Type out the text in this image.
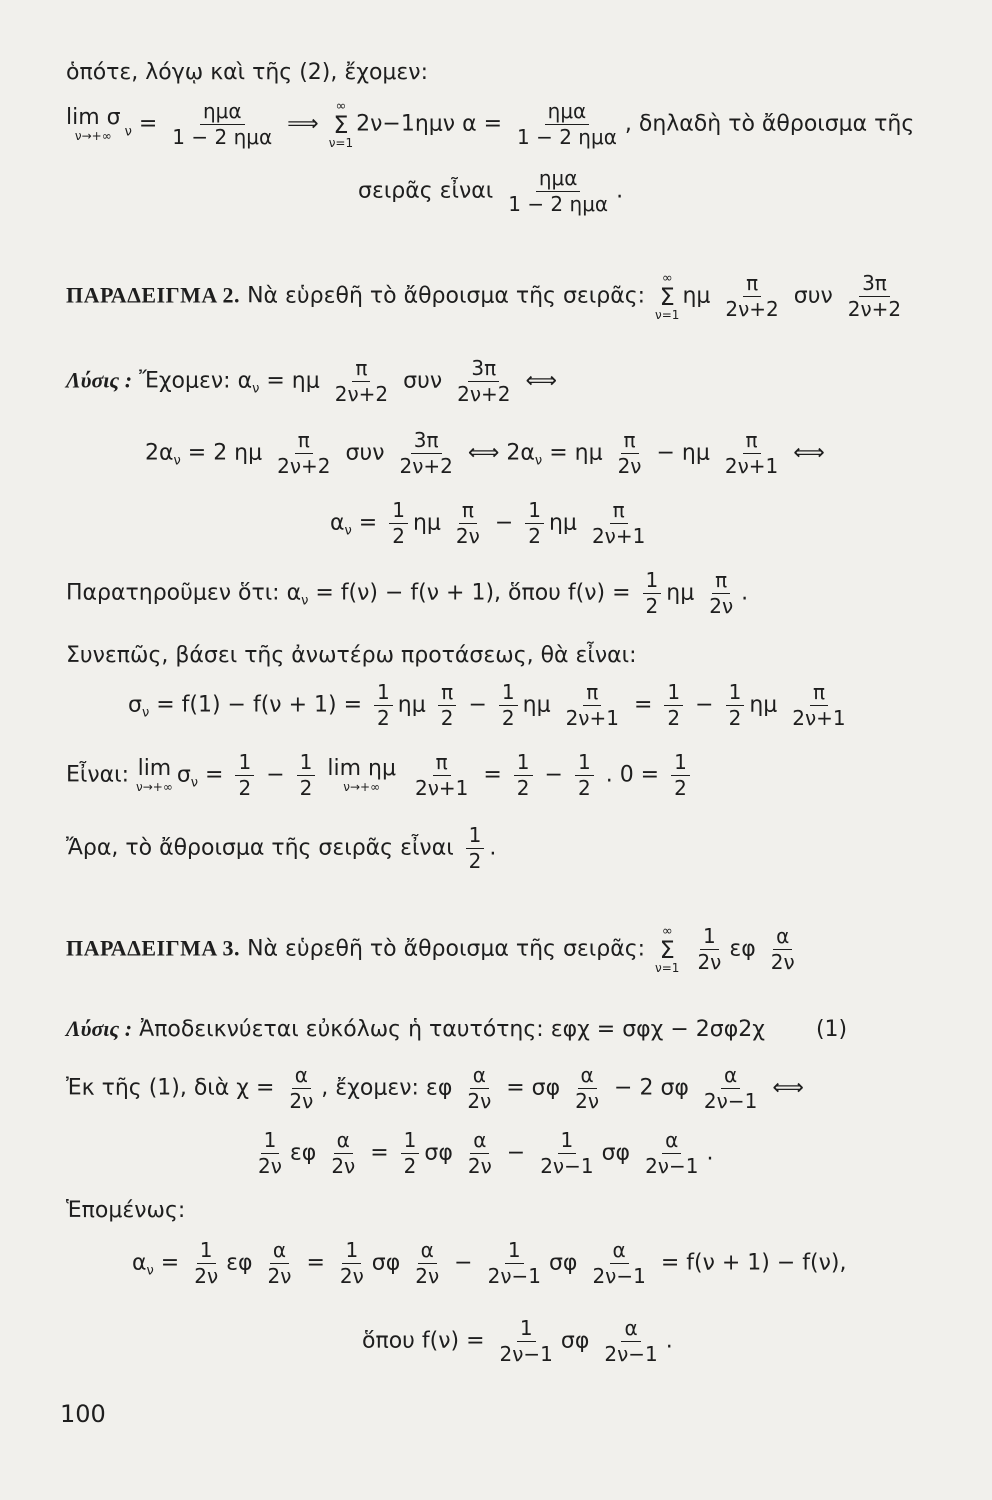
ὁπότε, λόγῳ καὶ τῆς (2), ἔχομεν:
lim σ
ν→+∞ $_\nu = \frac{\text{ημα}}{\text{1 − 2 ημα}}$ ⟹
∞
Σ
ν=1
2ν−1ημν $\alpha = \frac{\text{ημα}}{\text{1 − 2 ημα}}$ , δηλαδὴ τὸ ἄθροισμα τῆς
σειρᾶς εἶναι $\frac{\text{ημα}}{\text{1 − 2 ημα}}$ .
ΠΑΡΑΔΕΙΓΜΑ 2. Νὰ εὑρεθῆ τὸ ἄθροισμα τῆς σειρᾶς:
∞
Σ
ν=1
ημ $\frac{\pi}{2\nu+2}$ συν $\frac{3\pi}{2\nu+2}$
Λύσις : Ἔχομεν: $\alpha_\nu = \eta\mu \frac{\pi}{2\nu+2}$ συν $\frac{3\pi}{2\nu+2}$ ⟺
$2\alpha_\nu = 2$ ημ $\frac{\pi}{2\nu+2}$ συν $\frac{3\pi}{2\nu+2}$ ⟺ $2\alpha_\nu = \eta\mu \frac{\pi}{2\nu} - \eta\mu \frac{\pi}{2\nu+1}$ ⟺
$\alpha_\nu = \frac{1}{2}$ ημ $\frac{\pi}{2\nu} - \frac{1}{2}$ ημ $\frac{\pi}{2\nu+1}$
Παρατηροῦμεν ὅτι: $\alpha_\nu = f(\nu) - f(\nu + 1)$, ὅπου $f(\nu) = \frac{1}{2}$ ημ $\frac{\pi}{2\nu}$ .
Συνεπῶς, βάσει τῆς ἀνωτέρω προτάσεως, θὰ εἶναι:
$\sigma_\nu = f(1) - f(\nu + 1) = \frac{1}{2}$ ημ $\frac{\pi}{2} - \frac{1}{2}$ ημ $\frac{\pi}{2\nu+1} = \frac{1}{2} - \frac{1}{2}$ ημ $\frac{\pi}{2\nu+1}$
Εἶναι: lim
ν→+∞ $\sigma_\nu = \frac{1}{2} - \frac{1}{2}$
lim ημ
ν→+∞
$\frac{\pi}{2\nu+1} = \frac{1}{2} - \frac{1}{2}$ . $0 = \frac{1}{2}$
Ἄρα, τὸ ἄθροισμα τῆς σειρᾶς εἶναι $\frac{1}{2}$ .
ΠΑΡΑΔΕΙΓΜΑ 3. Νὰ εὑρεθῆ τὸ ἄθροισμα τῆς σειρᾶς:
∞
Σ
ν=1
$\frac{1}{2\nu}$ εφ $\frac{\alpha}{2\nu}$
Λύσις : Ἀποδεικνύεται εὐκόλως ἡ ταυτότης: εφχ = σφχ − 2σφ2χ (1)
Ἐκ τῆς (1), διὰ $\chi = \frac{\alpha}{2\nu}$ , ἔχομεν: εφ $\frac{\alpha}{2\nu} = \sigma\varphi \frac{\alpha}{2\nu} - 2$ σφ $\frac{\alpha}{2\nu-1}$ ⟺
$\frac{1}{2\nu}$ εφ $\frac{\alpha}{2\nu} = \frac{1}{2}$ σφ $\frac{\alpha}{2\nu} - \frac{1}{2\nu-1}$ σφ $\frac{\alpha}{2\nu-1}$ .
Ἑπομένως:
$\alpha_\nu = \frac{1}{2\nu}$ εφ $\frac{\alpha}{2\nu} = \frac{1}{2\nu}$ σφ $\frac{\alpha}{2\nu} - \frac{1}{2\nu-1}$ σφ $\frac{\alpha}{2\nu-1} = f(\nu + 1) - f(\nu)$,
ὅπου $f(\nu) = \frac{1}{2\nu-1}$ σφ $\frac{\alpha}{2\nu-1}$ .
100
